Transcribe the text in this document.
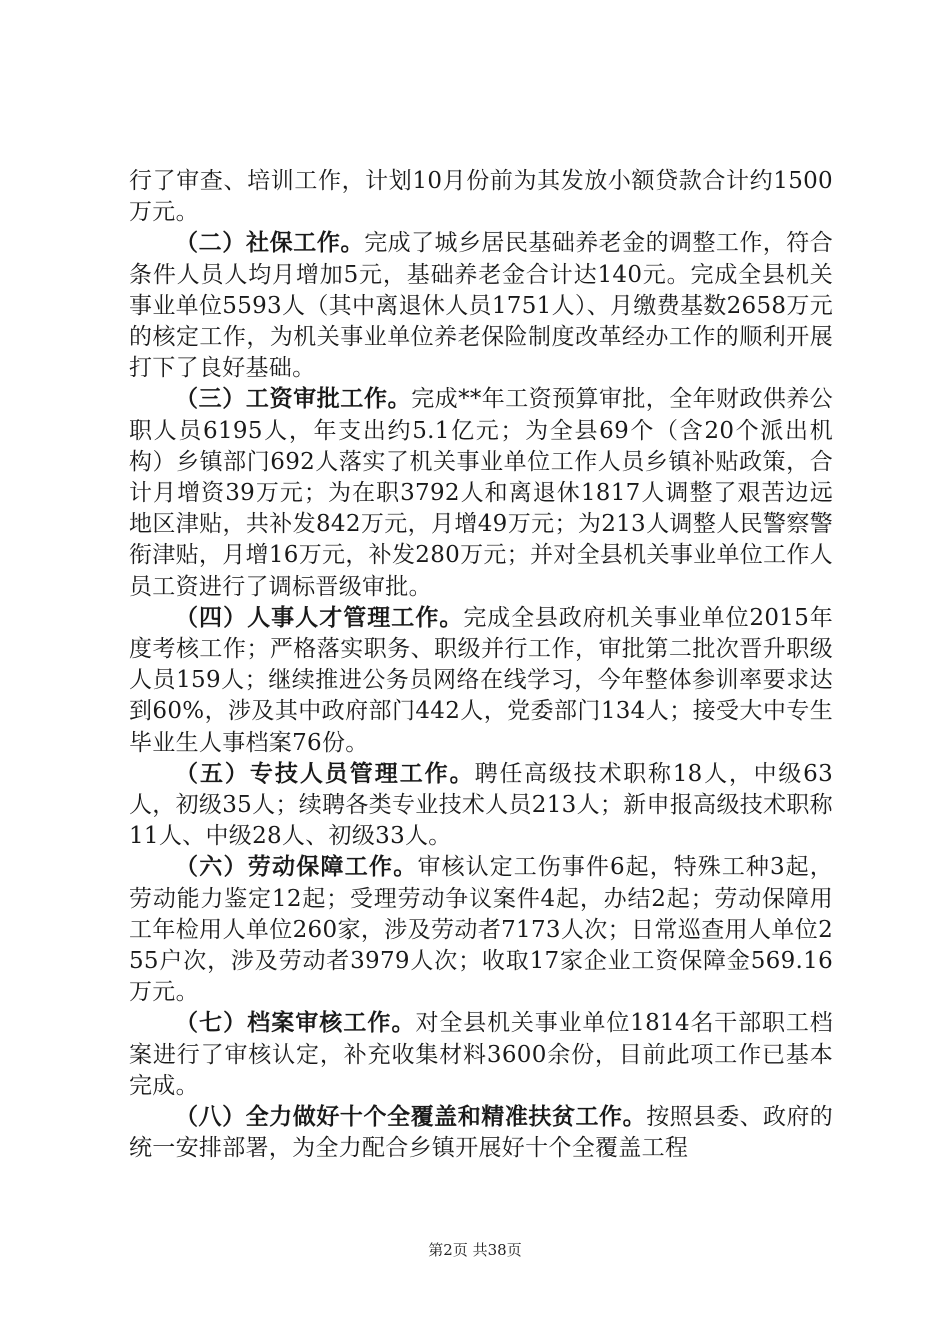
行了审查、培训工作，计划10月份前为其发放小额贷款合计约1500万元。

（二）社保工作。完成了城乡居民基础养老金的调整工作，符合条件人员人均月增加5元，基础养老金合计达140元。完成全县机关事业单位5593人（其中离退休人员1751人）、月缴费基数2658万元的核定工作，为机关事业单位养老保险制度改革经办工作的顺利开展打下了良好基础。

（三）工资审批工作。完成**年工资预算审批，全年财政供养公职人员6195人，年支出约5.1亿元；为全县69个（含20个派出机构）乡镇部门692人落实了机关事业单位工作人员乡镇补贴政策，合计月增资39万元；为在职3792人和离退休1817人调整了艰苦边远地区津贴，共补发842万元，月增49万元；为213人调整人民警察警衔津贴，月增16万元，补发280万元；并对全县机关事业单位工作人员工资进行了调标晋级审批。

（四）人事人才管理工作。完成全县政府机关事业单位2015年度考核工作；严格落实职务、职级并行工作，审批第二批次晋升职级人员159人；继续推进公务员网络在线学习，今年整体参训率要求达到60%，涉及其中政府部门442人，党委部门134人；接受大中专生毕业生人事档案76份。

（五）专技人员管理工作。聘任高级技术职称18人，中级63人，初级35人；续聘各类专业技术人员213人；新申报高级技术职称11人、中级28人、初级33人。

（六）劳动保障工作。审核认定工伤事件6起，特殊工种3起，劳动能力鉴定12起；受理劳动争议案件4起，办结2起；劳动保障用工年检用人单位260家，涉及劳动者7173人次；日常巡查用人单位255户次，涉及劳动者3979人次；收取17家企业工资保障金569.16万元。

（七）档案审核工作。对全县机关事业单位1814名干部职工档案进行了审核认定，补充收集材料3600余份，目前此项工作已基本完成。

（八）全力做好十个全覆盖和精准扶贫工作。按照县委、政府的统一安排部署，为全力配合乡镇开展好十个全覆盖工程

第2页 共38页
